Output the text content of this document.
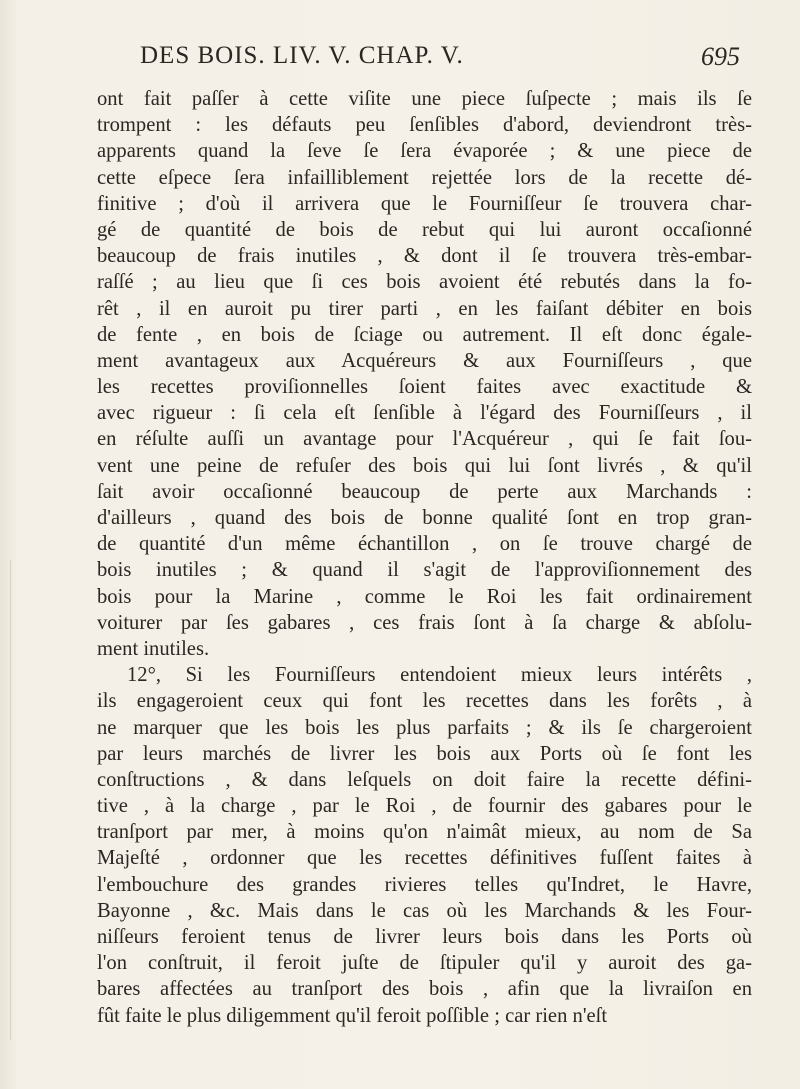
DES BOIS. LIV. V. CHAP. V.	695
ont fait paſſer à cette viſite une piece ſuſpecte ; mais ils ſe
trompent : les défauts peu ſenſibles d'abord, deviendront très-
apparents quand la ſeve ſe ſera évaporée ; & une piece de
cette eſpece ſera infailliblement rejettée lors de la recette dé-
finitive ; d'où il arrivera que le Fourniſſeur ſe trouvera char-
gé de quantité de bois de rebut qui lui auront occaſionné
beaucoup de frais inutiles , & dont il ſe trouvera très-embar-
raſſé ; au lieu que ſi ces bois avoient été rebutés dans la fo-
rêt , il en auroit pu tirer parti , en les faiſant débiter en bois
de fente , en bois de ſciage ou autrement. Il eſt donc égale-
ment avantageux aux Acquéreurs & aux Fourniſſeurs , que
les recettes proviſionnelles ſoient faites avec exactitude &
avec rigueur : ſi cela eſt ſenſible à l'égard des Fourniſſeurs , il
en réſulte auſſi un avantage pour l'Acquéreur , qui ſe fait ſou-
vent une peine de refuſer des bois qui lui ſont livrés , & qu'il
ſait avoir occaſionné beaucoup de perte aux Marchands :
d'ailleurs , quand des bois de bonne qualité ſont en trop gran-
de quantité d'un même échantillon , on ſe trouve chargé de
bois inutiles ; & quand il s'agit de l'approviſionnement des
bois pour la Marine , comme le Roi les fait ordinairement
voiturer par ſes gabares , ces frais ſont à ſa charge & abſolu-
ment inutiles.
12°, Si les Fourniſſeurs entendoient mieux leurs intérêts ,
ils engageroient ceux qui font les recettes dans les forêts , à
ne marquer que les bois les plus parfaits ; & ils ſe chargeroient
par leurs marchés de livrer les bois aux Ports où ſe font les
conſtructions , & dans leſquels on doit faire la recette défini-
tive , à la charge , par le Roi , de fournir des gabares pour le
tranſport par mer, à moins qu'on n'aimât mieux, au nom de Sa
Majeſté , ordonner que les recettes définitives fuſſent faites à
l'embouchure des grandes rivieres telles qu'Indret, le Havre,
Bayonne , &c. Mais dans le cas où les Marchands & les Four-
niſſeurs feroient tenus de livrer leurs bois dans les Ports où
l'on conſtruit, il feroit juſte de ſtipuler qu'il y auroit des ga-
bares affectées au tranſport des bois , afin que la livraiſon en
fût faite le plus diligemment qu'il feroit poſſible ; car rien n'eſt
